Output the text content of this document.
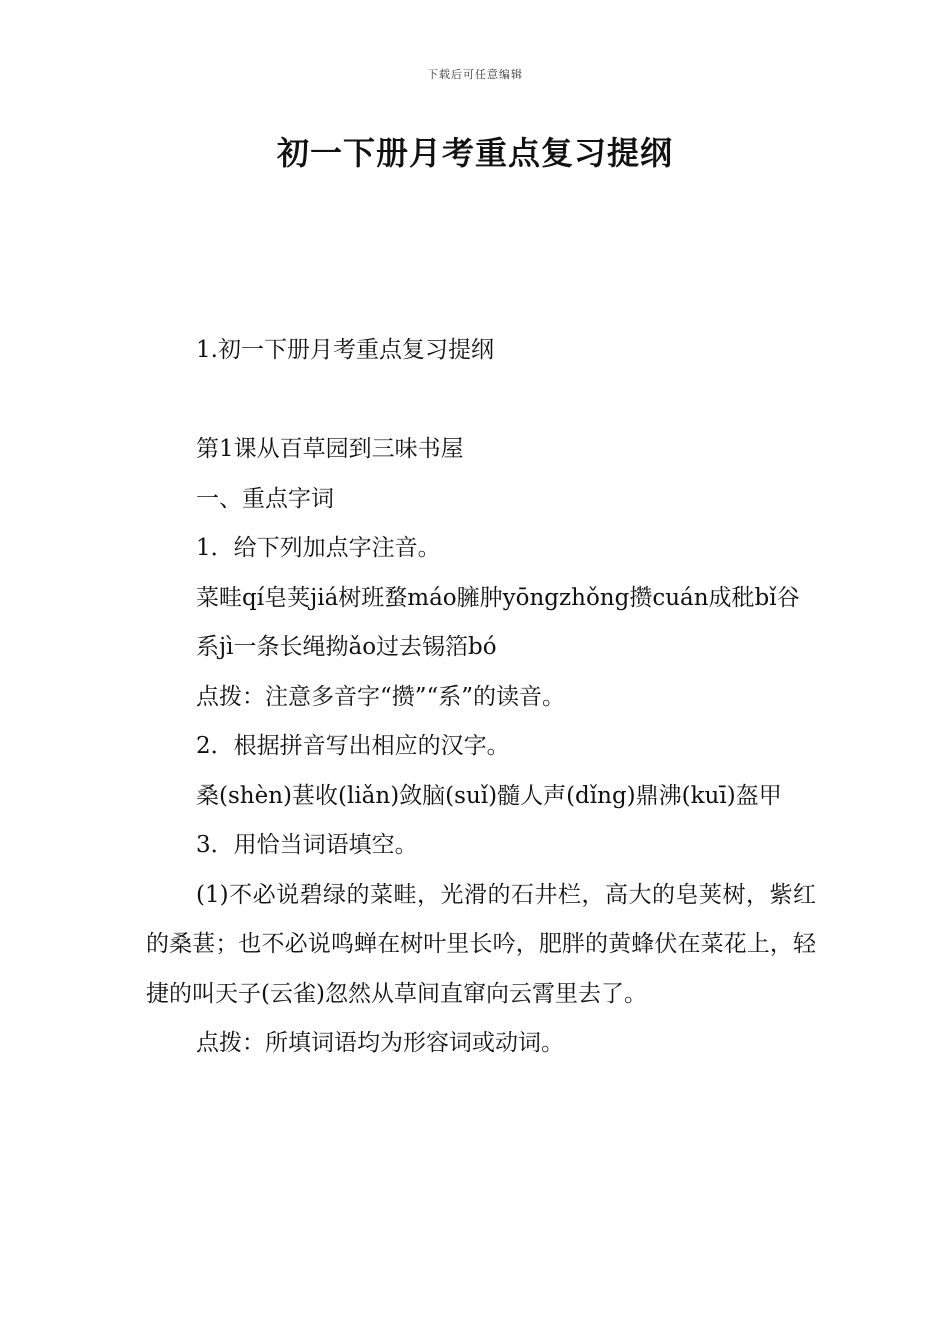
下载后可任意编辑
初一下册月考重点复习提纲

1.初一下册月考重点复习提纲

第1课从百草园到三味书屋

一、重点字词

1．给下列加点字注音。

菜畦qí皂荚jiá树班蝥máo臃肿yōngzhǒng攒cuán成秕bǐ谷

系jì一条长绳拗ǎo过去锡箔bó

点拨：注意多音字“攒”“系”的读音。

2．根据拼音写出相应的汉字。

桑(shèn)葚收(liǎn)敛脑(suǐ)髓人声(dǐng)鼎沸(kuī)盔甲

3．用恰当词语填空。

(1)不必说碧绿的菜畦，光滑的石井栏，高大的皂荚树，紫红的桑葚；也不必说鸣蝉在树叶里长吟，肥胖的黄蜂伏在菜花上，轻捷的叫天子(云雀)忽然从草间直窜向云霄里去了。

点拨：所填词语均为形容词或动词。
